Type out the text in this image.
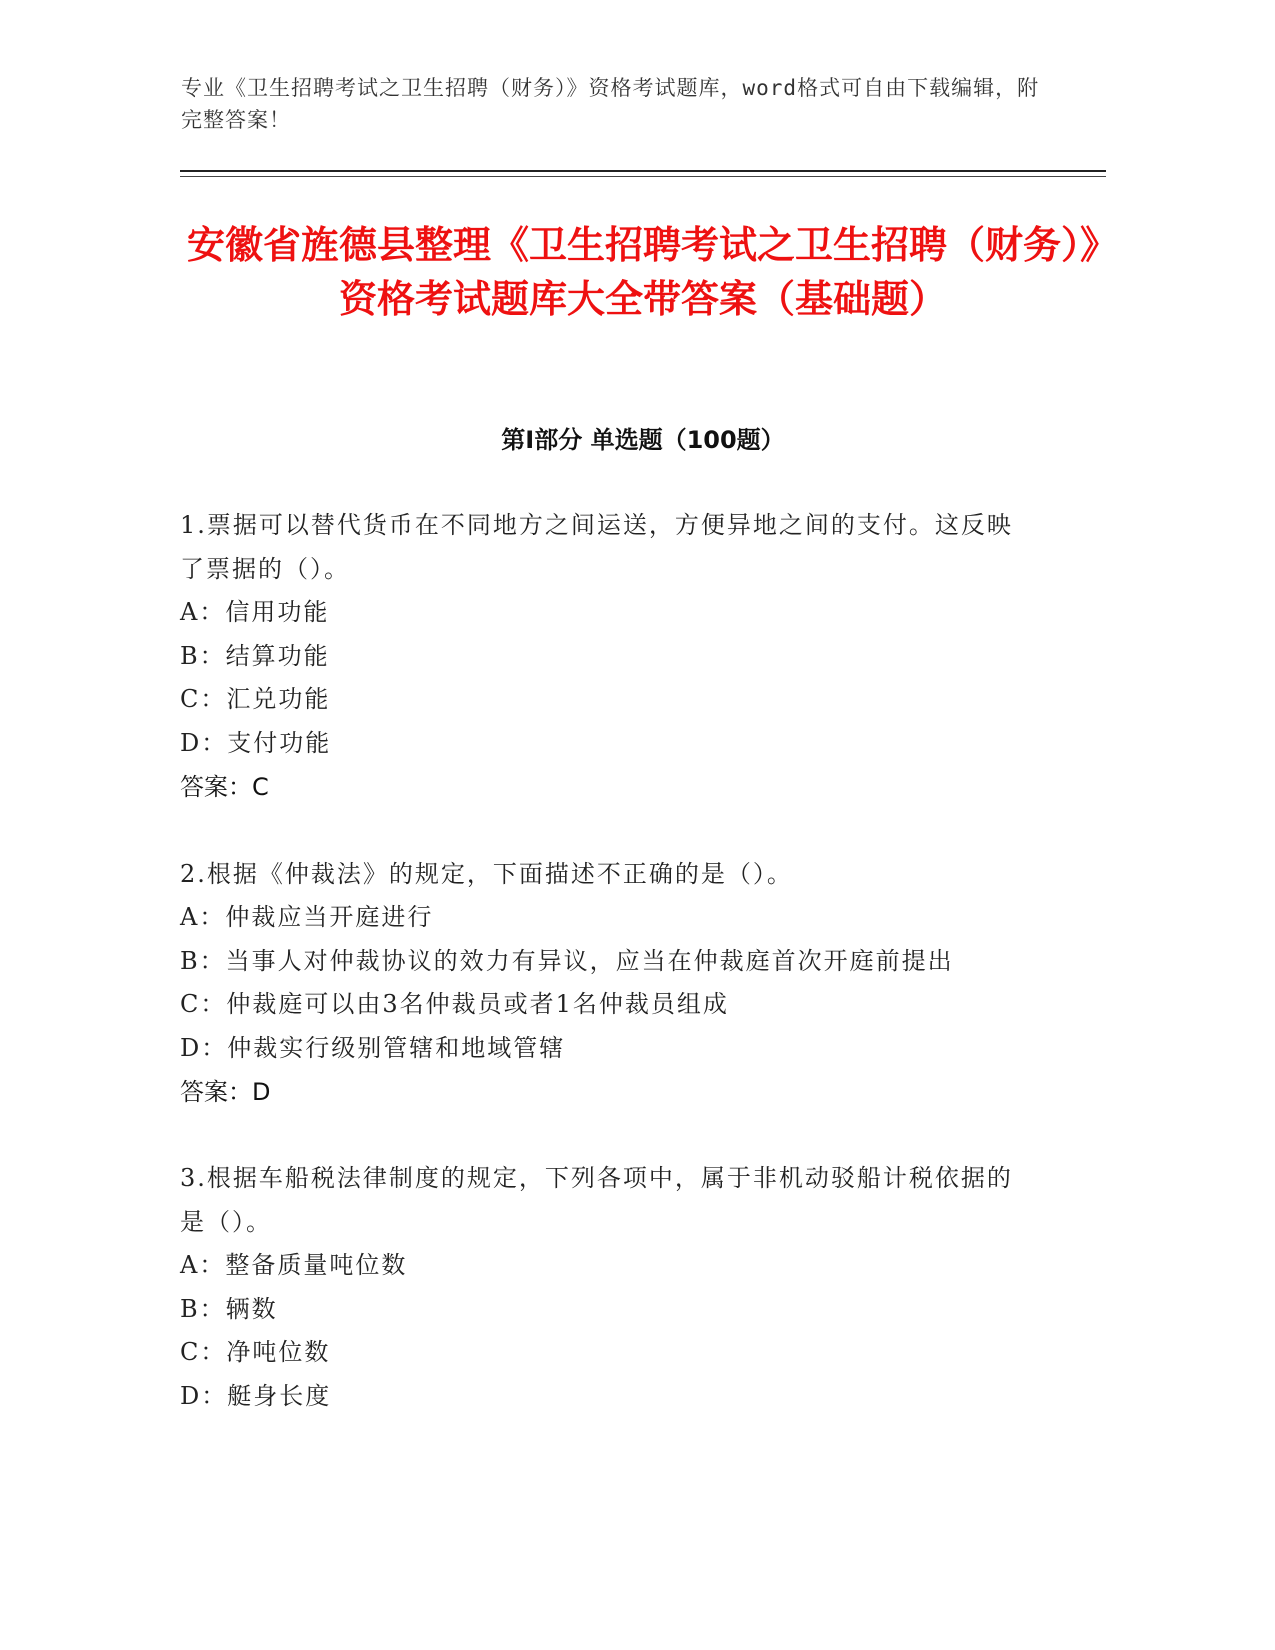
专业《卫生招聘考试之卫生招聘（财务）》资格考试题库，word格式可自由下载编辑，附完整答案！
安徽省旌德县整理《卫生招聘考试之卫生招聘（财务）》资格考试题库大全带答案（基础题）
第Ⅰ部分 单选题（100题）

1.票据可以替代货币在不同地方之间运送，方便异地之间的支付。这反映了票据的（）。

A：信用功能

B：结算功能

C：汇兑功能

D：支付功能

答案：C

2.根据《仲裁法》的规定，下面描述不正确的是（）。

A：仲裁应当开庭进行

B：当事人对仲裁协议的效力有异议，应当在仲裁庭首次开庭前提出

C：仲裁庭可以由3名仲裁员或者1名仲裁员组成

D：仲裁实行级别管辖和地域管辖

答案：D

3.根据车船税法律制度的规定，下列各项中，属于非机动驳船计税依据的是（）。

A：整备质量吨位数

B：辆数

C：净吨位数

D：艇身长度
